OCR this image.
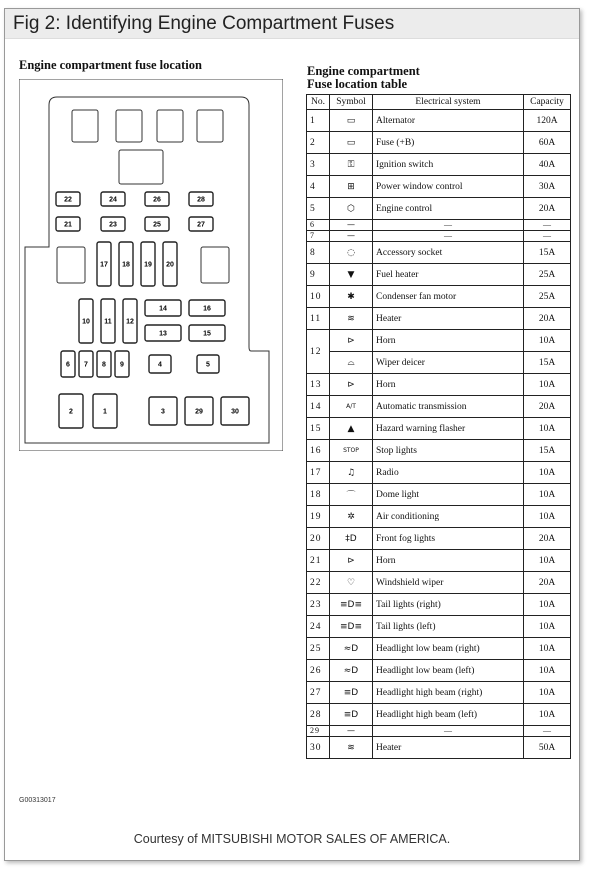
Fig 2: Identifying Engine Compartment Fuses
Engine compartment fuse location
22	24	26	28
21	23	25	27
17 18 19 20
10 11 12
14	16
13	15
6 7 8 9	4	5
2	1	3	29	30
Engine compartment
Fuse location table
No.	Symbol	Electrical system	Capacity
1	▭	Alternator	120A
2	▭	Fuse (+B)	60A
3	⚿	Ignition switch	40A
4	⊞	Power window control	30A
5	⬡	Engine control	20A
6	—	—	—
7	—	—	—
8	◌	Accessory socket	15A
9	▼	Fuel heater	25A
10	✱	Condenser fan motor	25A
11	≋	Heater	20A
12	⊳	Horn	10A
	⌓	Wiper deicer	15A
13	⊳	Horn	10A
14	A/T	Automatic transmission	20A
15	▲	Hazard warning flasher	10A
16	STOP	Stop lights	15A
17	♫	Radio	10A
18	⌒	Dome light	10A
19	✲	Air conditioning	10A
20	‡D	Front fog lights	20A
21	⊳	Horn	10A
22	♡	Windshield wiper	20A
23	≡D≡	Tail lights (right)	10A
24	≡D≡	Tail lights (left)	10A
25	≈D	Headlight low beam (right)	10A
26	≈D	Headlight low beam (left)	10A
27	≡D	Headlight high beam (right)	10A
28	≡D	Headlight high beam (left)	10A
29	—	—	—
30	≋	Heater	50A
G00313017
Courtesy of MITSUBISHI MOTOR SALES OF AMERICA.
